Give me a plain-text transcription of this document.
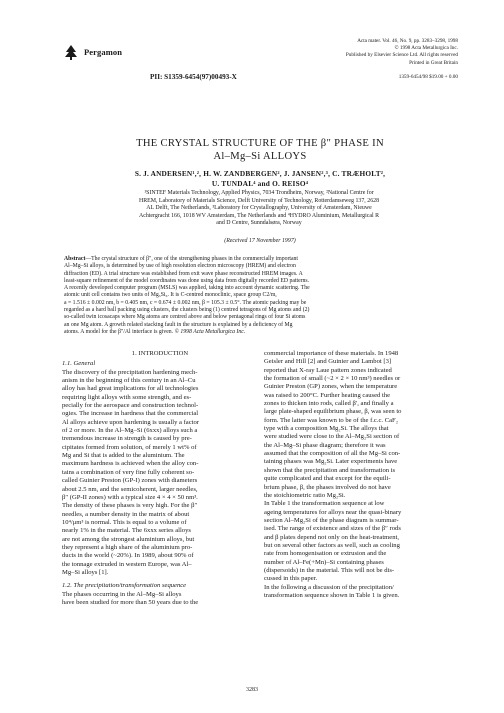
Pergamon
Acta mater. Vol. 46, No. 9, pp. 3283–3298, 1998
© 1998 Acta Metallurgica Inc.
Published by Elsevier Science Ltd. All rights reserved
Printed in Great Britain
PII: S1359-6454(97)00493-X	1359-6454/98 $19.00 + 0.00
THE CRYSTAL STRUCTURE OF THE β″ PHASE IN
Al–Mg–Si ALLOYS
S. J. ANDERSEN¹,², H. W. ZANDBERGEN², J. JANSEN²,³, C. TRÆHOLT²,
U. TUNDAL⁴ and O. REISO⁴
¹SINTEF Materials Technology, Applied Physics, 7034 Trondheim, Norway, ²National Centre for
HREM, Laboratory of Materials Science, Delft University of Technology, Rotterdamseweg 137, 2628
AL Delft, The Netherlands, ³Laboratory for Crystallography, University of Amsterdam, Nieuwe
Achtergracht 166, 1018 WV Amsterdam, The Netherlands and ⁴HYDRO Aluminium, Metallurgical R
and D Centre, Sunndalsøra, Norway
(Received 17 November 1997)
Abstract—The crystal structure of β″, one of the strengthening phases in the commercially important
Al–Mg–Si alloys, is determined by use of high resolution electron microscopy (HREM) and electron
diffraction (ED). A trial structure was established from exit wave phase reconstructed HREM images. A
least-square refinement of the model coordinates was done using data from digitally recorded ED patterns.
A recently developed computer program (MSLS) was applied, taking into account dynamic scattering. The
atomic unit cell contains two units of Mg₅Si₆. It is C-centred monoclinic, space group C2/m,
a = 1.516 ± 0.002 nm, b = 0.405 nm, c = 0.674 ± 0.002 nm, β = 105.3 ± 0.5°. The atomic packing may be
regarded as a hard ball packing using clusters, the clusters being (1) centred tetragons of Mg atoms and (2)
so-called twin icosacaps where Mg atoms are centred above and below pentagonal rings of four Si atoms
an one Mg atom. A growth related stacking fault in the structure is explained by a deficiency of Mg
atoms. A model for the β″/Al interface is given. © 1998 Acta Metallurgica Inc.
1. INTRODUCTION
1.1. General
The discovery of the precipitation hardening mech-
anism in the beginning of this century in an Al–Cu
alloy has had great implications for all technologies
requiring light alloys with some strength, and es-
pecially for the aerospace and construction technol-
ogies. The increase in hardness that the commercial
Al alloys achieve upon hardening is usually a factor
of 2 or more. In the Al–Mg–Si (6xxx) alloys such a
tremendous increase in strength is caused by pre-
cipitates formed from solution, of merely 1 wt% of
Mg and Si that is added to the aluminium. The
maximum hardness is achieved when the alloy con-
tains a combination of very fine fully coherent so-
called Guinier Preston (GP-I) zones with diameters
about 2.5 nm, and the semicoherent, larger needles,
β″ (GP-II zones) with a typical size 4 × 4 × 50 nm³.
The density of these phases is very high. For the β″
needles, a number density in the matrix of about
10⁴/μm³ is normal. This is equal to a volume of
nearly 1% in the material. The 6xxx series alloys
are not among the strongest aluminium alloys, but
they represent a high share of the aluminium pro-
ducts in the world (~20%). In 1989, about 90% of
the tonnage extruded in western Europe, was Al–
Mg–Si alloys [1].
1.2. The precipitation/transformation sequence
The phases occurring in the Al–Mg–Si alloys
have been studied for more than 50 years due to the
commercial importance of these materials. In 1948
Geisler and Hill [2] and Guinier and Lambot [3]
reported that X-ray Laue pattern zones indicated
the formation of small (~2 × 2 × 10 nm³) needles or
Guinier Preston (GP) zones, when the temperature
was raised to 200°C. Further heating caused the
zones to thicken into rods, called β′, and finally a
large plate-shaped equilibrium phase, β, was seen to
form. The latter was known to be of the f.c.c. CaF₂
type with a composition Mg₂Si. The alloys that
were studied were close to the Al–Mg₂Si section of
the Al–Mg–Si phase diagram; therefore it was
assumed that the composition of all the Mg–Si con-
taining phases was Mg₂Si. Later experiments have
shown that the precipitation and transformation is
quite complicated and that except for the equili-
brium phase, β, the phases involved do not have
the stoichiometric ratio Mg₂Si.
In Table 1 the transformation sequence at low
ageing temperatures for alloys near the quasi-binary
section Al–Mg₂Si of the phase diagram is summar-
ised. The range of existence and sizes of the β″ rods
and β plates depend not only on the heat-treatment,
but on several other factors as well, such as cooling
rate from homogenisation or extrusion and the
number of Al–Fe(+Mn)–Si containing phases
(dispersoids) in the material. This will not be dis-
cussed in this paper.
In the following a discussion of the precipitation/
transformation sequence shown in Table 1 is given.
3283
